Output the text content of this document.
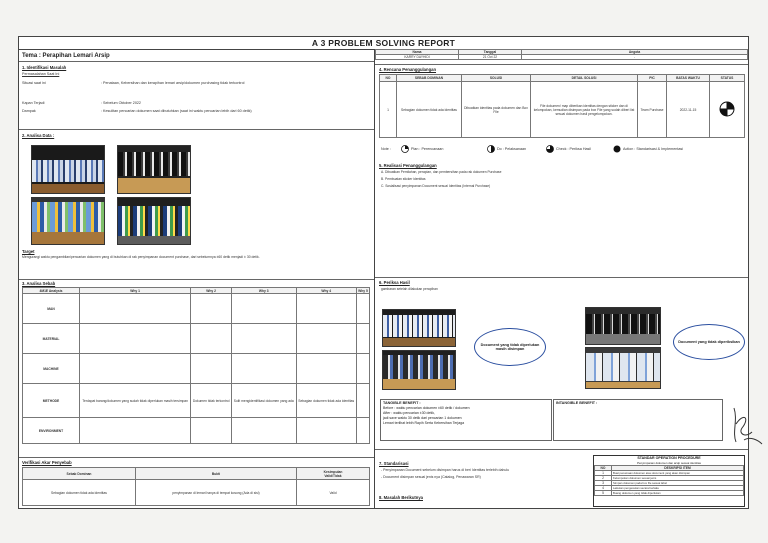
A 3 PROBLEM SOLVING REPORT
Tema : Perapihan Lemari Arsip
Nama	Tanggal	Angota
KARRY DAYHIDI	21 Oct 22	-
1. Identifikasi Masalah
Permasalahan Saat Ini
Situasi saat ini	: Penataan, Kebersihan dan kerapihan lemari arsip/dokumen purchasing tidak terkontrol
Kapan Terjadi	: Sebelum Oktober 2022
Dampak	: Kesulitan pencarian dokumen saat dibutuhkan (saat ini waktu pencarian lebih dari 60 detik)
2. Analisa Data :
Target
Mengurangi waktu pengambilan/pencarian dokumen yang di butuhkan di rak penyimpanan document purchase, dari sebelumnya ±60 detik menjadi ± 30 detik.
3. Analisa Sebab
4M1E Analysis	Why 1	Why 2	Why 3	Why 4	Why 5
MAN					
MATERIAL					
MACHINE					
METHODE	Terdapat barang/dokumen yang sudah tidak diperlukan masih tersimpan	Dokumen tidak terkontrol	Sulit mengidentifikasi dokumen yang ada	Sebagian dokumen tidak ada identitas	
ENVIRONMENT					
Verifikasi Akar Penyebab
Sebab Dominan	Bukti	Kesimpulan
Valid/Tidak
Sebagian dokumen tidak ada identitas	penyimpanan di lemari hanya di tempat kosong (Ada di sisi)	Valid
4. Rencana Penanggulangan
NO	SEBAB DOMINAN	SOLUSI	DETAIL SOLUSI	PIC	BATAS WAKTU	STATUS
1	Sebagian dokumen tidak ada identitas	Dibuatkan identitas pada dokumen dan Box File	File dokumen/ map diberikan identitas dengan sticker dan di kelompokan, kemudian disimpan pada box File yang sudah diberi list sesuai dokumen hasil pengelompokan.	Team Purchase	2022-11-15	
Note :	Plan : Perencanaan	Do : Pelaksanaan	Check : Periksa Hasil	Action : Standarisasi & Implementasi
5. Realisasi Penanggulangan
A. Dibuatkan Pemilahan, perapian, dan pembersihan pada rak dokumen Purchase
B. Pembuatan sticker identitas
C. Sosialisasi penyimpanan Document sesuai Identitas (Internal Purchase)
6. Periksa Hasil
gambaran setelah dilakukan perapihan
Document yang tidak diperlukan masih disimpan
Document yang tidak diperiksikan
TANGIBLE BENEFIT :
Before : waktu pencarian dokumen ±60 detik / dokumen
After : waktu pencarian ±30 detik,
jadi save waktu 30 detik dari pencarian 1 dokumen
Lemari terlihat lebih Rapih Serta Kebersihan Terjaga
INTANGIBLE BENEFIT :
7. Standarisasi
- Penyimpanan Document sebelum disimpan harus di beri Identitas terlebih dahulu
- Document disimpan sesuai jenis nya (Catalog, Penawaran SR)
8. Masalah Berikutnya
STANDAR OPERATION PROCEDURE
Penyimpanan dokumen dan arsip sesuai identitas
NO	DESKRIPSI ITEM
1	Buat penamaan dokumen atau document yang akan disimpan
2	Kelompokan dokumen sesuai jenis
3	Simpan dokumen pada box file sesuai label
4	Lakukan pengecekan secara berkala
5	Buang dokumen yang tidak diperlukan
